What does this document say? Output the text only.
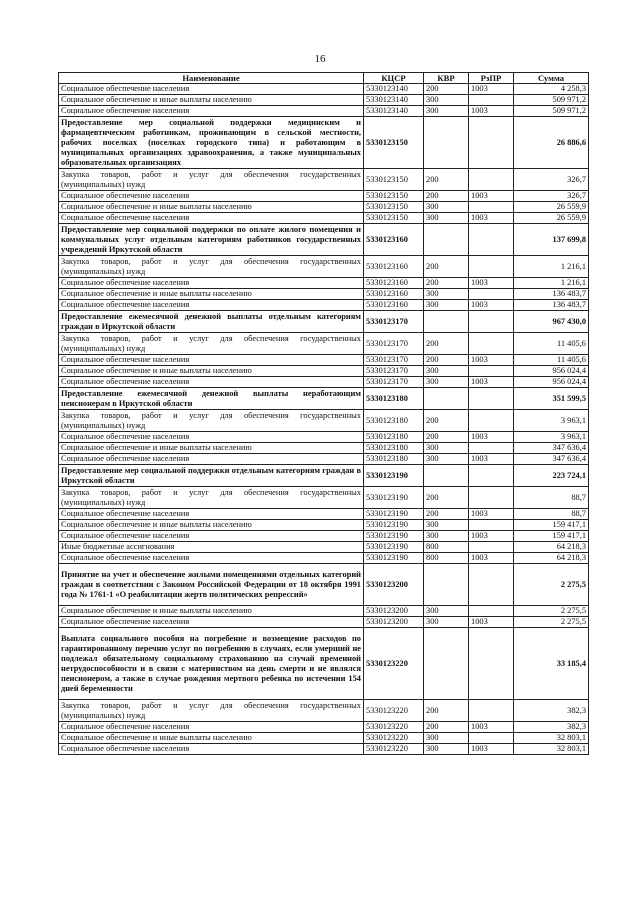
16
Наименование	КЦСР	КВР	РзПР	Сумма
Социальное обеспечение населения	5330123140	200	1003	4 258,3
Социальное обеспечение и иные выплаты населению	5330123140	300		509 971,2
Социальное обеспечение населения	5330123140	300	1003	509 971,2
Предоставление мер социальной поддержки медицинским и фармацевтическим работникам, проживающим в сельской местности, рабочих поселках (поселках городского типа) и работающим в муниципальных организациях здравоохранения, а также муниципальных образовательных организациях	5330123150			26 886,6
Закупка товаров, работ и услуг для обеспечения государственных (муниципальных) нужд	5330123150	200		326,7
Социальное обеспечение населения	5330123150	200	1003	326,7
Социальное обеспечение и иные выплаты населению	5330123150	300		26 559,9
Социальное обеспечение населения	5330123150	300	1003	26 559,9
Предоставление мер социальной поддержки по оплате жилого помещения и коммунальных услуг отдельным категориям работников государственных учреждений Иркутской области	5330123160			137 699,8
Закупка товаров, работ и услуг для обеспечения государственных (муниципальных) нужд	5330123160	200		1 216,1
Социальное обеспечение населения	5330123160	200	1003	1 216,1
Социальное обеспечение и иные выплаты населению	5330123160	300		136 483,7
Социальное обеспечение населения	5330123160	300	1003	136 483,7
Предоставление ежемесячной денежной выплаты отдельным категориям граждан в Иркутской области	5330123170			967 430,0
Закупка товаров, работ и услуг для обеспечения государственных (муниципальных) нужд	5330123170	200		11 405,6
Социальное обеспечение населения	5330123170	200	1003	11 405,6
Социальное обеспечение и иные выплаты населению	5330123170	300		956 024,4
Социальное обеспечение населения	5330123170	300	1003	956 024,4
Предоставление ежемесячной денежной выплаты неработающим пенсионерам в Иркутской области	5330123180			351 599,5
Закупка товаров, работ и услуг для обеспечения государственных (муниципальных) нужд	5330123180	200		3 963,1
Социальное обеспечение населения	5330123180	200	1003	3 963,1
Социальное обеспечение и иные выплаты населению	5330123180	300		347 636,4
Социальное обеспечение населения	5330123180	300	1003	347 636,4
Предоставление мер социальной поддержки отдельным категориям граждан в Иркутской области	5330123190			223 724,1
Закупка товаров, работ и услуг для обеспечения государственных (муниципальных) нужд	5330123190	200		88,7
Социальное обеспечение населения	5330123190	200	1003	88,7
Социальное обеспечение и иные выплаты населению	5330123190	300		159 417,1
Социальное обеспечение населения	5330123190	300	1003	159 417,1
Иные бюджетные ассигнования	5330123190	800		64 218,3
Социальное обеспечение населения	5330123190	800	1003	64 218,3
Принятие на учет и обеспечение жилыми помещениями отдельных категорий граждан в соответствии с Законом Российской Федерации от 18 октября 1991 года № 1761-1 «О реабилитации жертв политических репрессий»	5330123200			2 275,5
Социальное обеспечение и иные выплаты населению	5330123200	300		2 275,5
Социальное обеспечение населения	5330123200	300	1003	2 275,5
Выплата социального пособия на погребение и возмещение расходов по гарантированному перечню услуг по погребению в случаях, если умерший не подлежал обязательному социальному страхованию на случай временной нетрудоспособности и в связи с материнством на день смерти и не являлся пенсионером, а также в случае рождения мертвого ребенка по истечении 154 дней беременности	5330123220			33 185,4
Закупка товаров, работ и услуг для обеспечения государственных (муниципальных) нужд	5330123220	200		382,3
Социальное обеспечение населения	5330123220	200	1003	382,3
Социальное обеспечение и иные выплаты населению	5330123220	300		32 803,1
Социальное обеспечение населения	5330123220	300	1003	32 803,1
